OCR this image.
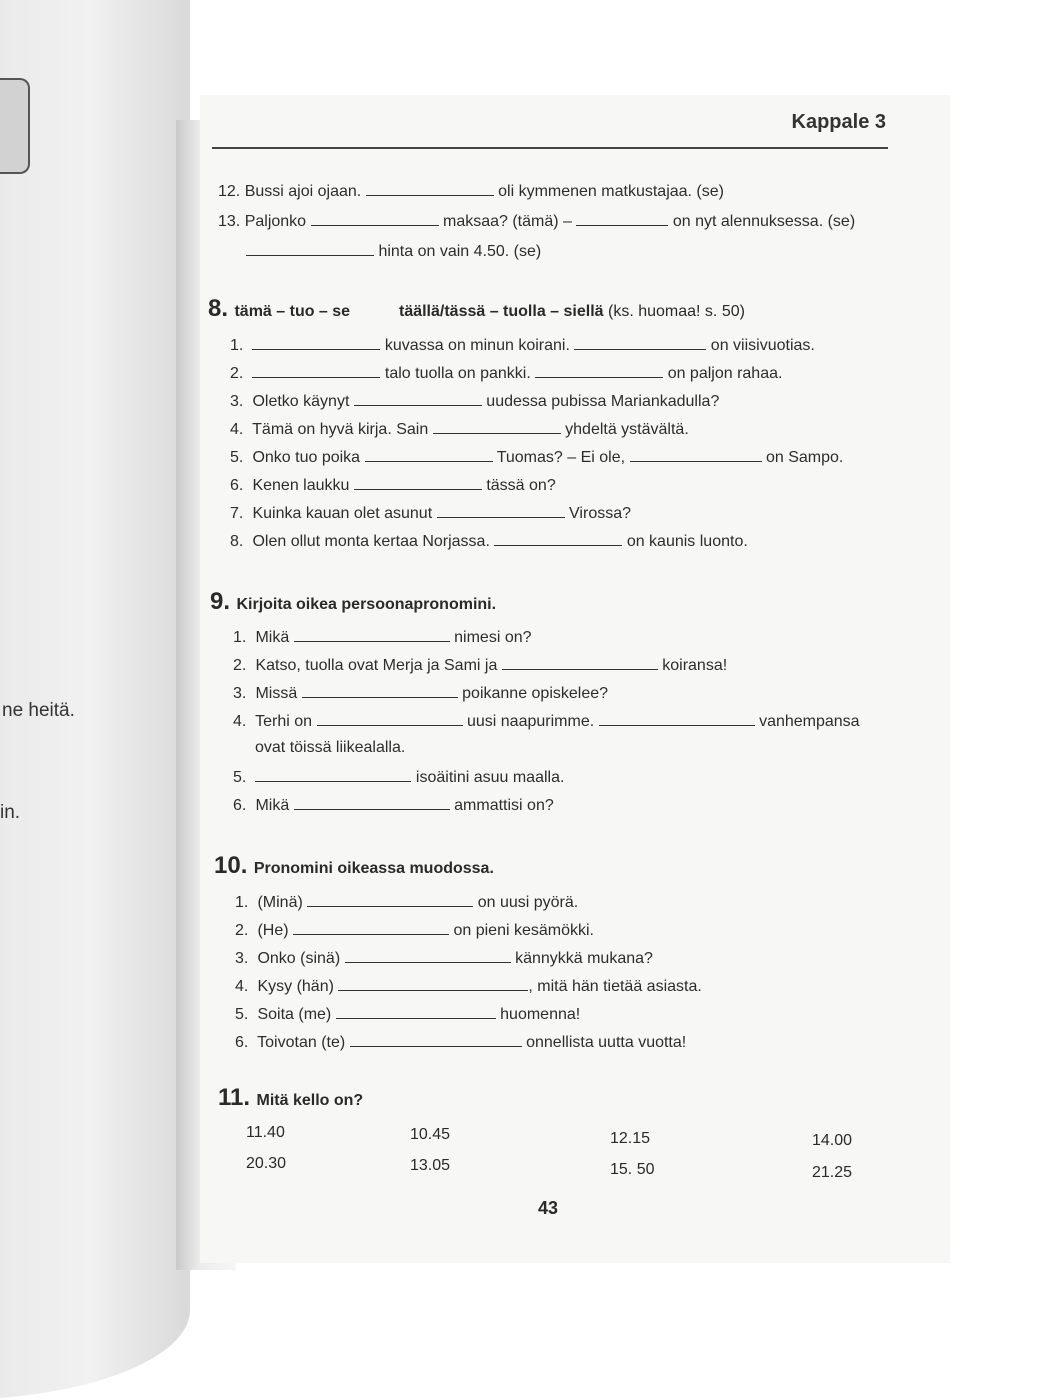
ne heitä.
in.
Kappale 3
12. Bussi ajoi ojaan.	oli kymmenen matkustajaa. (se)
13. Paljonko	maksaa? (tämä) –	on nyt alennuksessa. (se)
hinta on vain 4.50. (se)
8. tämä – tuo – se	täällä/tässä – tuolla – siellä (ks. huomaa! s. 50)
1.	kuvassa on minun koirani.	on viisivuotias.
2.	talo tuolla on pankki.	on paljon rahaa.
3. Oletko käynyt	uudessa pubissa Mariankadulla?
4. Tämä on hyvä kirja. Sain	yhdeltä ystävältä.
5. Onko tuo poika	Tuomas? – Ei ole,	on Sampo.
6. Kenen laukku	tässä on?
7. Kuinka kauan olet asunut	Virossa?
8. Olen ollut monta kertaa Norjassa.	on kaunis luonto.
9. Kirjoita oikea persoonapronomini.
1. Mikä	nimesi on?
2. Katso, tuolla ovat Merja ja Sami ja	koiransa!
3. Missä	poikanne opiskelee?
4. Terhi on	uusi naapurimme.	vanhempansa
ovat töissä liikealalla.
5.	isoäitini asuu maalla.
6. Mikä	ammattisi on?
10. Pronomini oikeassa muodossa.
1. (Minä)	on uusi pyörä.
2. (He)	on pieni kesämökki.
3. Onko (sinä)	kännykkä mukana?
4. Kysy (hän)	, mitä hän tietää asiasta.
5. Soita (me)	huomenna!
6. Toivotan (te)	onnellista uutta vuotta!
11. Mitä kello on?
11.40	10.45	12.15	14.00
20.30	13.05	15. 50	21.25
43
